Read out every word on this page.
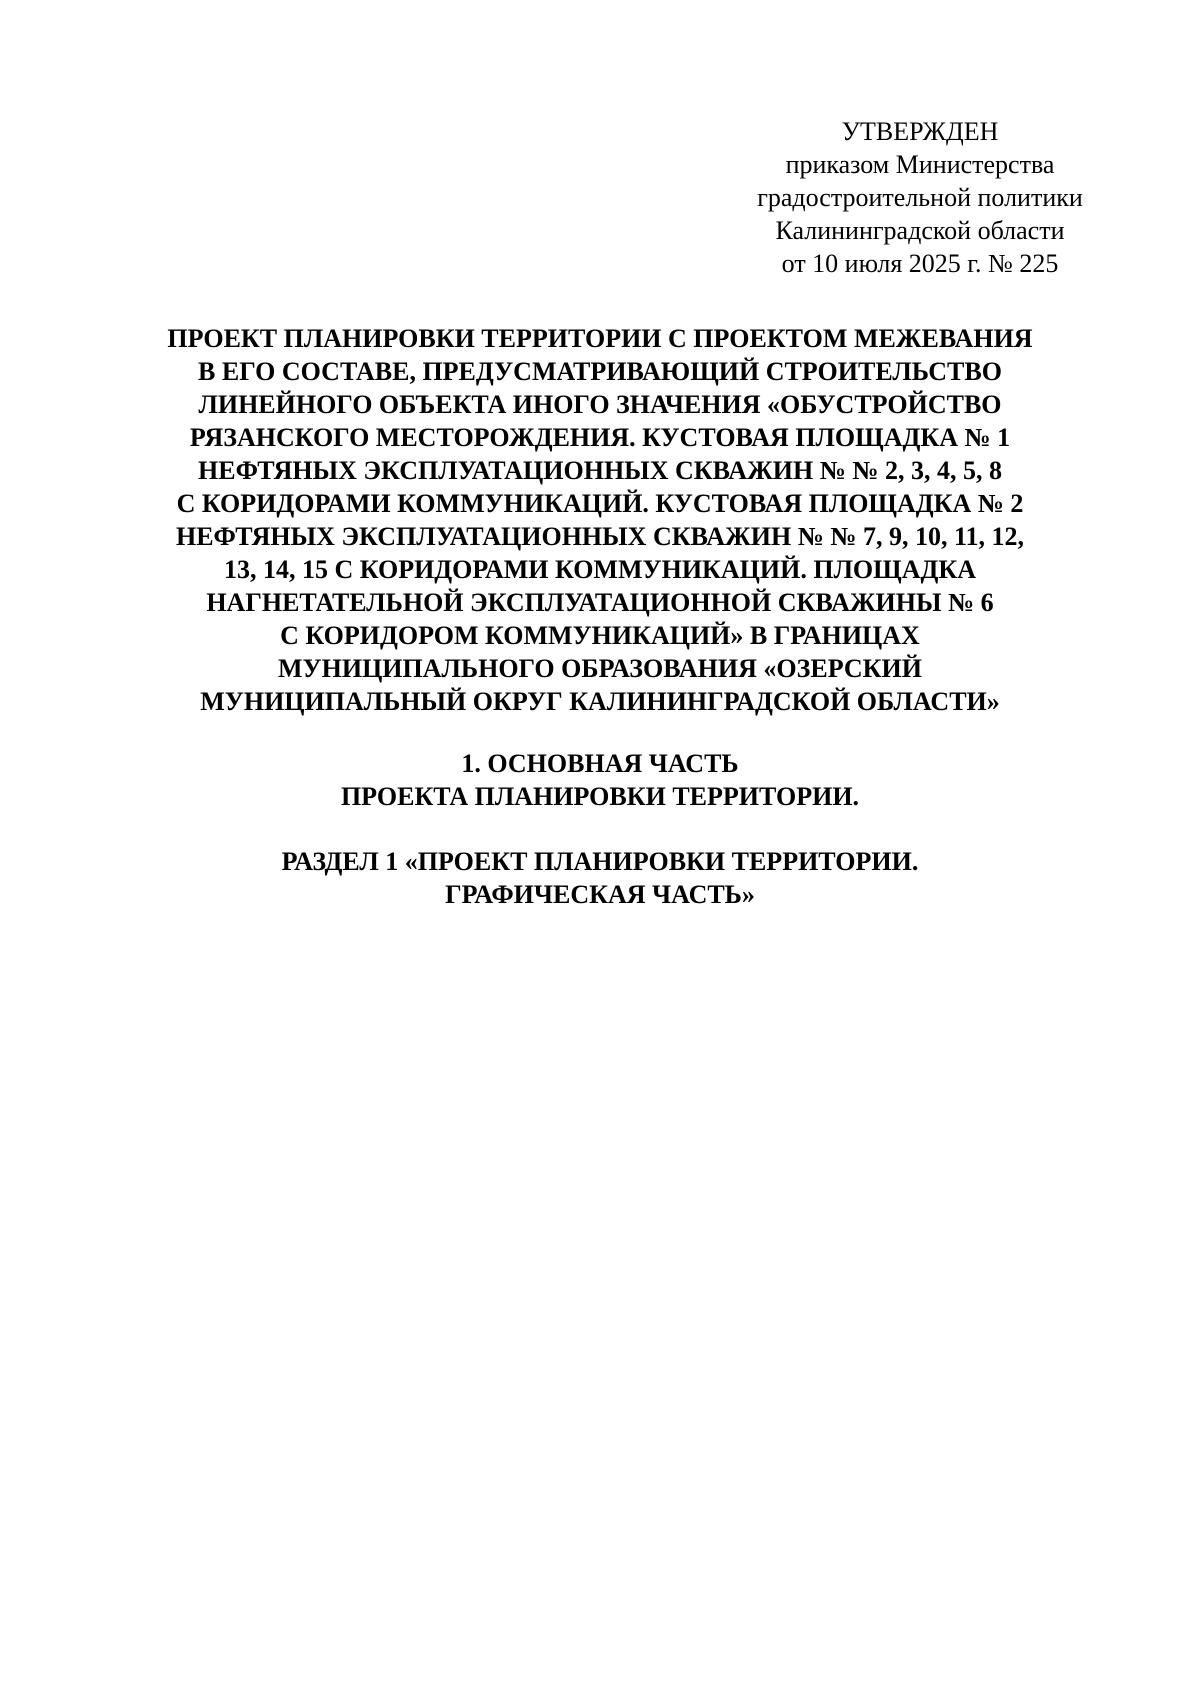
УТВЕРЖДЕН
приказом Министерства
градостроительной политики
Калининградской области
от 10 июля 2025 г. № 225
ПРОЕКТ ПЛАНИРОВКИ ТЕРРИТОРИИ С ПРОЕКТОМ МЕЖЕВАНИЯ
В ЕГО СОСТАВЕ, ПРЕДУСМАТРИВАЮЩИЙ СТРОИТЕЛЬСТВО
ЛИНЕЙНОГО ОБЪЕКТА ИНОГО ЗНАЧЕНИЯ «ОБУСТРОЙСТВО
РЯЗАНСКОГО МЕСТОРОЖДЕНИЯ. КУСТОВАЯ ПЛОЩАДКА № 1
НЕФТЯНЫХ ЭКСПЛУАТАЦИОННЫХ СКВАЖИН № № 2, 3, 4, 5, 8
С КОРИДОРАМИ КОММУНИКАЦИЙ. КУСТОВАЯ ПЛОЩАДКА № 2
НЕФТЯНЫХ ЭКСПЛУАТАЦИОННЫХ СКВАЖИН № № 7, 9, 10, 11, 12,
13, 14, 15 С КОРИДОРАМИ КОММУНИКАЦИЙ. ПЛОЩАДКА
НАГНЕТАТЕЛЬНОЙ ЭКСПЛУАТАЦИОННОЙ СКВАЖИНЫ № 6
С КОРИДОРОМ КОММУНИКАЦИЙ» В ГРАНИЦАХ
МУНИЦИПАЛЬНОГО ОБРАЗОВАНИЯ «ОЗЕРСКИЙ
МУНИЦИПАЛЬНЫЙ ОКРУГ КАЛИНИНГРАДСКОЙ ОБЛАСТИ»
1. ОСНОВНАЯ ЧАСТЬ
ПРОЕКТА ПЛАНИРОВКИ ТЕРРИТОРИИ.
РАЗДЕЛ 1 «ПРОЕКТ ПЛАНИРОВКИ ТЕРРИТОРИИ.
ГРАФИЧЕСКАЯ ЧАСТЬ»
